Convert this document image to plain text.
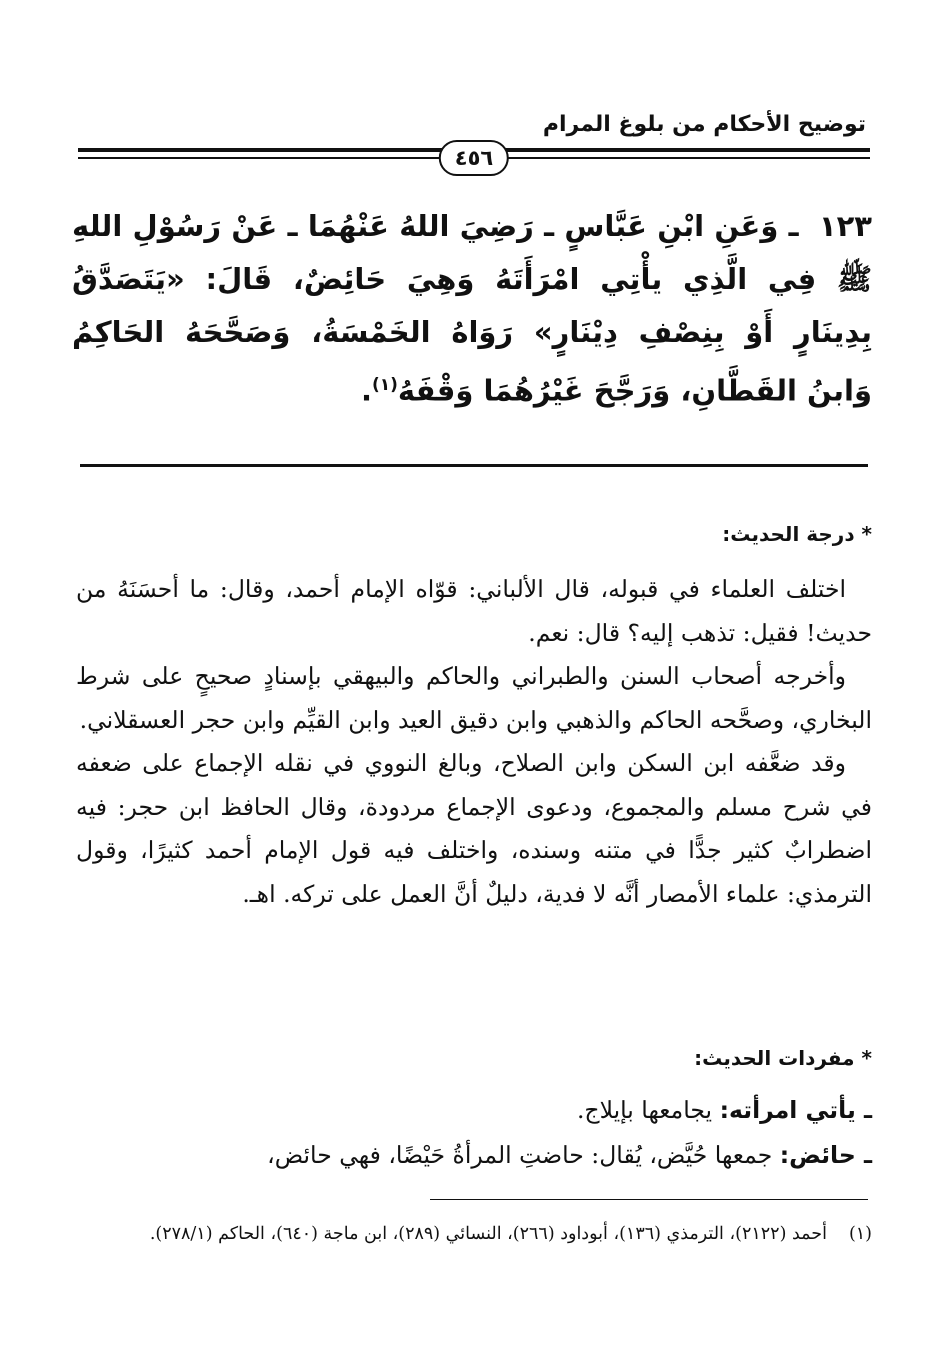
توضيح الأحكام من بلوغ المرام
٤٥٦
١٢٣ ـ وَعَنِ ابْنِ عَبَّاسٍ ـ رَضِيَ اللهُ عَنْهُمَا ـ عَنْ رَسُوْلِ اللهِ ﷺ فِي الَّذِي يأْتِي امْرَأَتَهُ وَهِيَ حَائِضٌ، قَالَ: «يَتَصَدَّقُ بِدِينَارٍ أَوْ بِنِصْفِ دِيْنَارٍ» رَوَاهُ الخَمْسَةُ، وَصَحَّحَهُ الحَاكِمُ وَابنُ القَطَّانِ، وَرَجَّحَ غَيْرُهُمَا وَقْفَهُ$^{(١)}$.
* درجة الحديث:

اختلف العلماء في قبوله، قال الألباني: قوّاه الإمام أحمد، وقال: ما أحسَنَهُ من حديث! فقيل: تذهب إليه؟ قال: نعم.

وأخرجه أصحاب السنن والطبراني والحاكم والبيهقي بإسنادٍ صحيحٍ على شرط البخاري، وصحَّحه الحاكم والذهبي وابن دقيق العيد وابن القيِّم وابن حجر العسقلاني.

وقد ضعَّفه ابن السكن وابن الصلاح، وبالغ النووي في نقله الإجماع على ضعفه في شرح مسلم والمجموع، ودعوى الإجماع مردودة، وقال الحافظ ابن حجر: فيه اضطرابٌ كثير جدًّا في متنه وسنده، واختلف فيه قول الإمام أحمد كثيرًا، وقول الترمذي: علماء الأمصار أنَّه لا فدية، دليلٌ أنَّ العمل على تركه. اهـ.

* مفردات الحديث:
ـ يأتي امرأته: يجامعها بإيلاج.
ـ حائض: جمعها حُيَّض، يُقال: حاضتِ المرأةُ حَيْضًا، فهي حائض،
(١)أحمد (٢١٢٢)، الترمذي (١٣٦)، أبوداود (٢٦٦)، النسائي (٢٨٩)، ابن ماجة (٦٤٠)، الحاكم (٢٧٨/١).
